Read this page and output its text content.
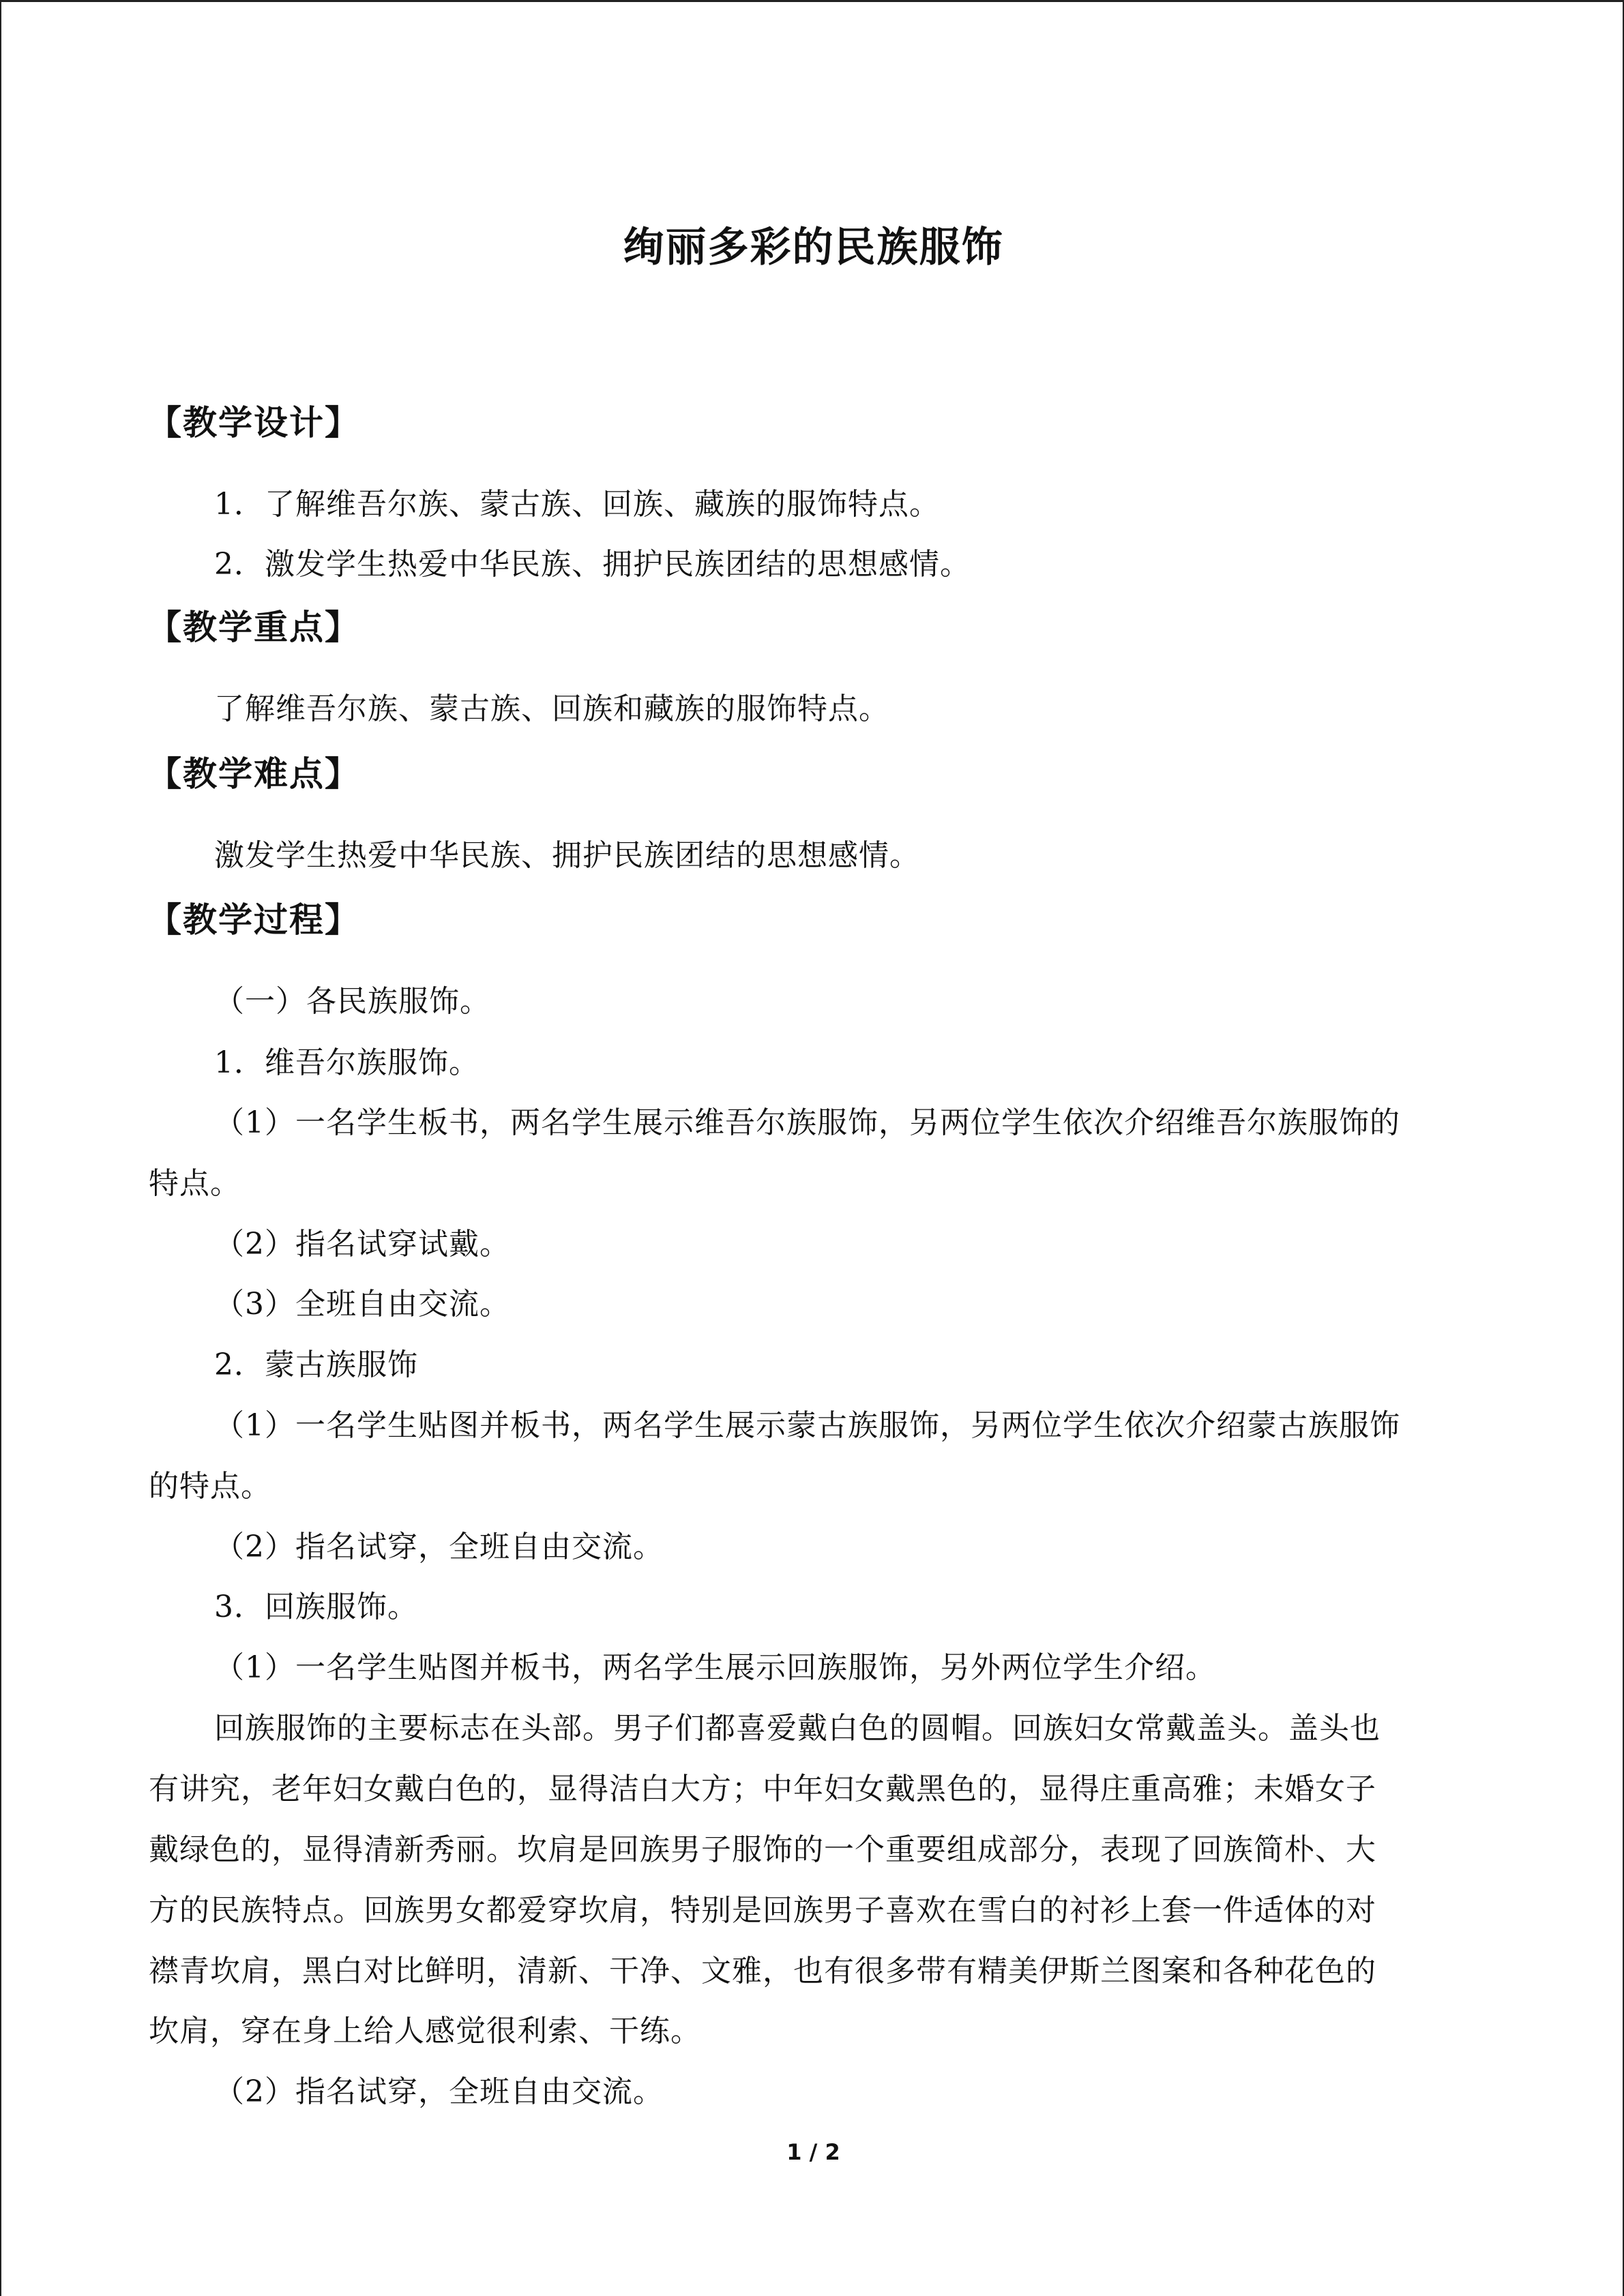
绚丽多彩的民族服饰
【教学设计】
1．了解维吾尔族、蒙古族、回族、藏族的服饰特点。
2．激发学生热爱中华民族、拥护民族团结的思想感情。
【教学重点】
了解维吾尔族、蒙古族、回族和藏族的服饰特点。
【教学难点】
激发学生热爱中华民族、拥护民族团结的思想感情。
【教学过程】
（一）各民族服饰。
1．维吾尔族服饰。
（1）一名学生板书，两名学生展示维吾尔族服饰，另两位学生依次介绍维吾尔族服饰的
特点。
（2）指名试穿试戴。
（3）全班自由交流。
2．蒙古族服饰
（1）一名学生贴图并板书，两名学生展示蒙古族服饰，另两位学生依次介绍蒙古族服饰
的特点。
（2）指名试穿，全班自由交流。
3．回族服饰。
（1）一名学生贴图并板书，两名学生展示回族服饰，另外两位学生介绍。
回族服饰的主要标志在头部。男子们都喜爱戴白色的圆帽。回族妇女常戴盖头。盖头也
有讲究，老年妇女戴白色的，显得洁白大方；中年妇女戴黑色的，显得庄重高雅；未婚女子
戴绿色的，显得清新秀丽。坎肩是回族男子服饰的一个重要组成部分，表现了回族简朴、大
方的民族特点。回族男女都爱穿坎肩，特别是回族男子喜欢在雪白的衬衫上套一件适体的对
襟青坎肩，黑白对比鲜明，清新、干净、文雅，也有很多带有精美伊斯兰图案和各种花色的
坎肩，穿在身上给人感觉很利索、干练。
（2）指名试穿，全班自由交流。
1 / 2
